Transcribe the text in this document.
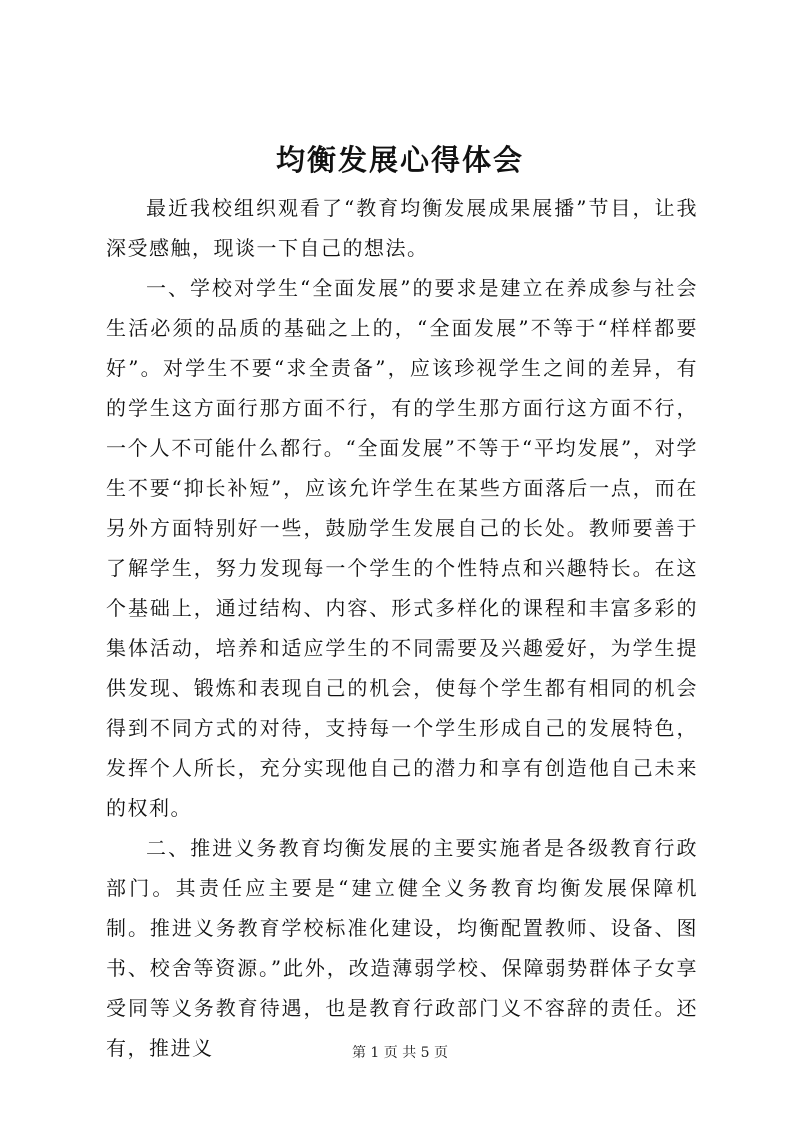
均衡发展心得体会

最近我校组织观看了“教育均衡发展成果展播”节目，让我深受感触，现谈一下自己的想法。

一、学校对学生“全面发展”的要求是建立在养成参与社会生活必须的品质的基础之上的，“全面发展”不等于“样样都要好”。对学生不要“求全责备”，应该珍视学生之间的差异，有的学生这方面行那方面不行，有的学生那方面行这方面不行，一个人不可能什么都行。“全面发展”不等于“平均发展”，对学生不要“抑长补短”，应该允许学生在某些方面落后一点，而在另外方面特别好一些，鼓励学生发展自己的长处。教师要善于了解学生，努力发现每一个学生的个性特点和兴趣特长。在这个基础上，通过结构、内容、形式多样化的课程和丰富多彩的集体活动，培养和适应学生的不同需要及兴趣爱好，为学生提供发现、锻炼和表现自己的机会，使每个学生都有相同的机会得到不同方式的对待，支持每一个学生形成自己的发展特色，发挥个人所长，充分实现他自己的潜力和享有创造他自己未来的权利。

二、推进义务教育均衡发展的主要实施者是各级教育行政部门。其责任应主要是“建立健全义务教育均衡发展保障机制。推进义务教育学校标准化建设，均衡配置教师、设备、图书、校舍等资源。”此外，改造薄弱学校、保障弱势群体子女享受同等义务教育待遇，也是教育行政部门义不容辞的责任。还有，推进义	第 1 页 共 5 页
